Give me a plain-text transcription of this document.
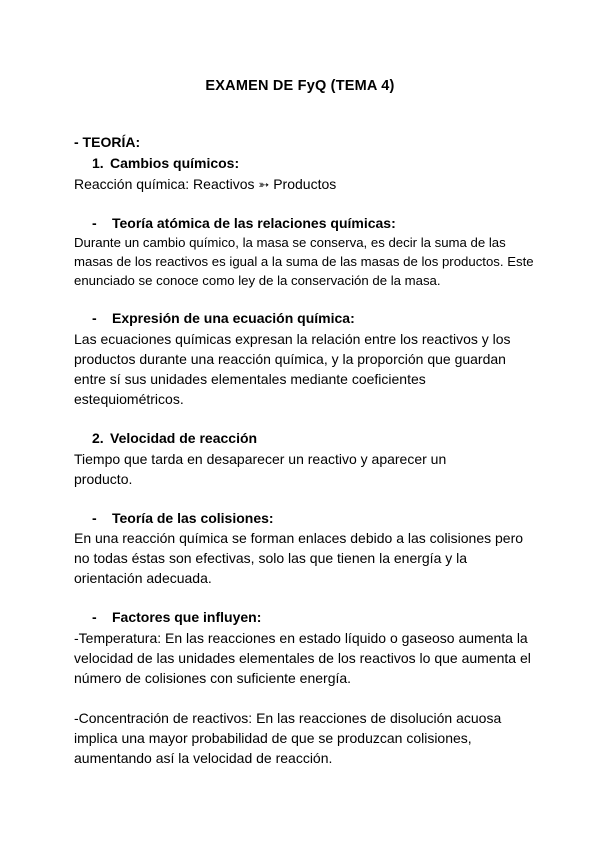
EXAMEN DE FyQ (TEMA 4)
- TEORÍA:
1. Cambios químicos:
Reacción química: Reactivos ➳ Productos
- Teoría atómica de las relaciones químicas:
Durante un cambio químico, la masa se conserva, es decir la suma de las masas de los reactivos es igual a la suma de las masas de los productos. Este enunciado se conoce como ley de la conservación de la masa.
- Expresión de una ecuación química:
Las ecuaciones químicas expresan la relación entre los reactivos y los productos durante una reacción química, y la proporción que guardan entre sí sus unidades elementales mediante coeficientes estequiométricos.
2. Velocidad de reacción
Tiempo que tarda en desaparecer un reactivo y aparecer un producto.
- Teoría de las colisiones:
En una reacción química se forman enlaces debido a las colisiones pero no todas éstas son efectivas, solo las que tienen la energía y la orientación adecuada.
- Factores que influyen:
-Temperatura: En las reacciones en estado líquido o gaseoso aumenta la velocidad de las unidades elementales de los reactivos lo que aumenta el número de colisiones con suficiente energía.
-Concentración de reactivos: En las reacciones de disolución acuosa implica una mayor probabilidad de que se produzcan colisiones, aumentando así la velocidad de reacción.
